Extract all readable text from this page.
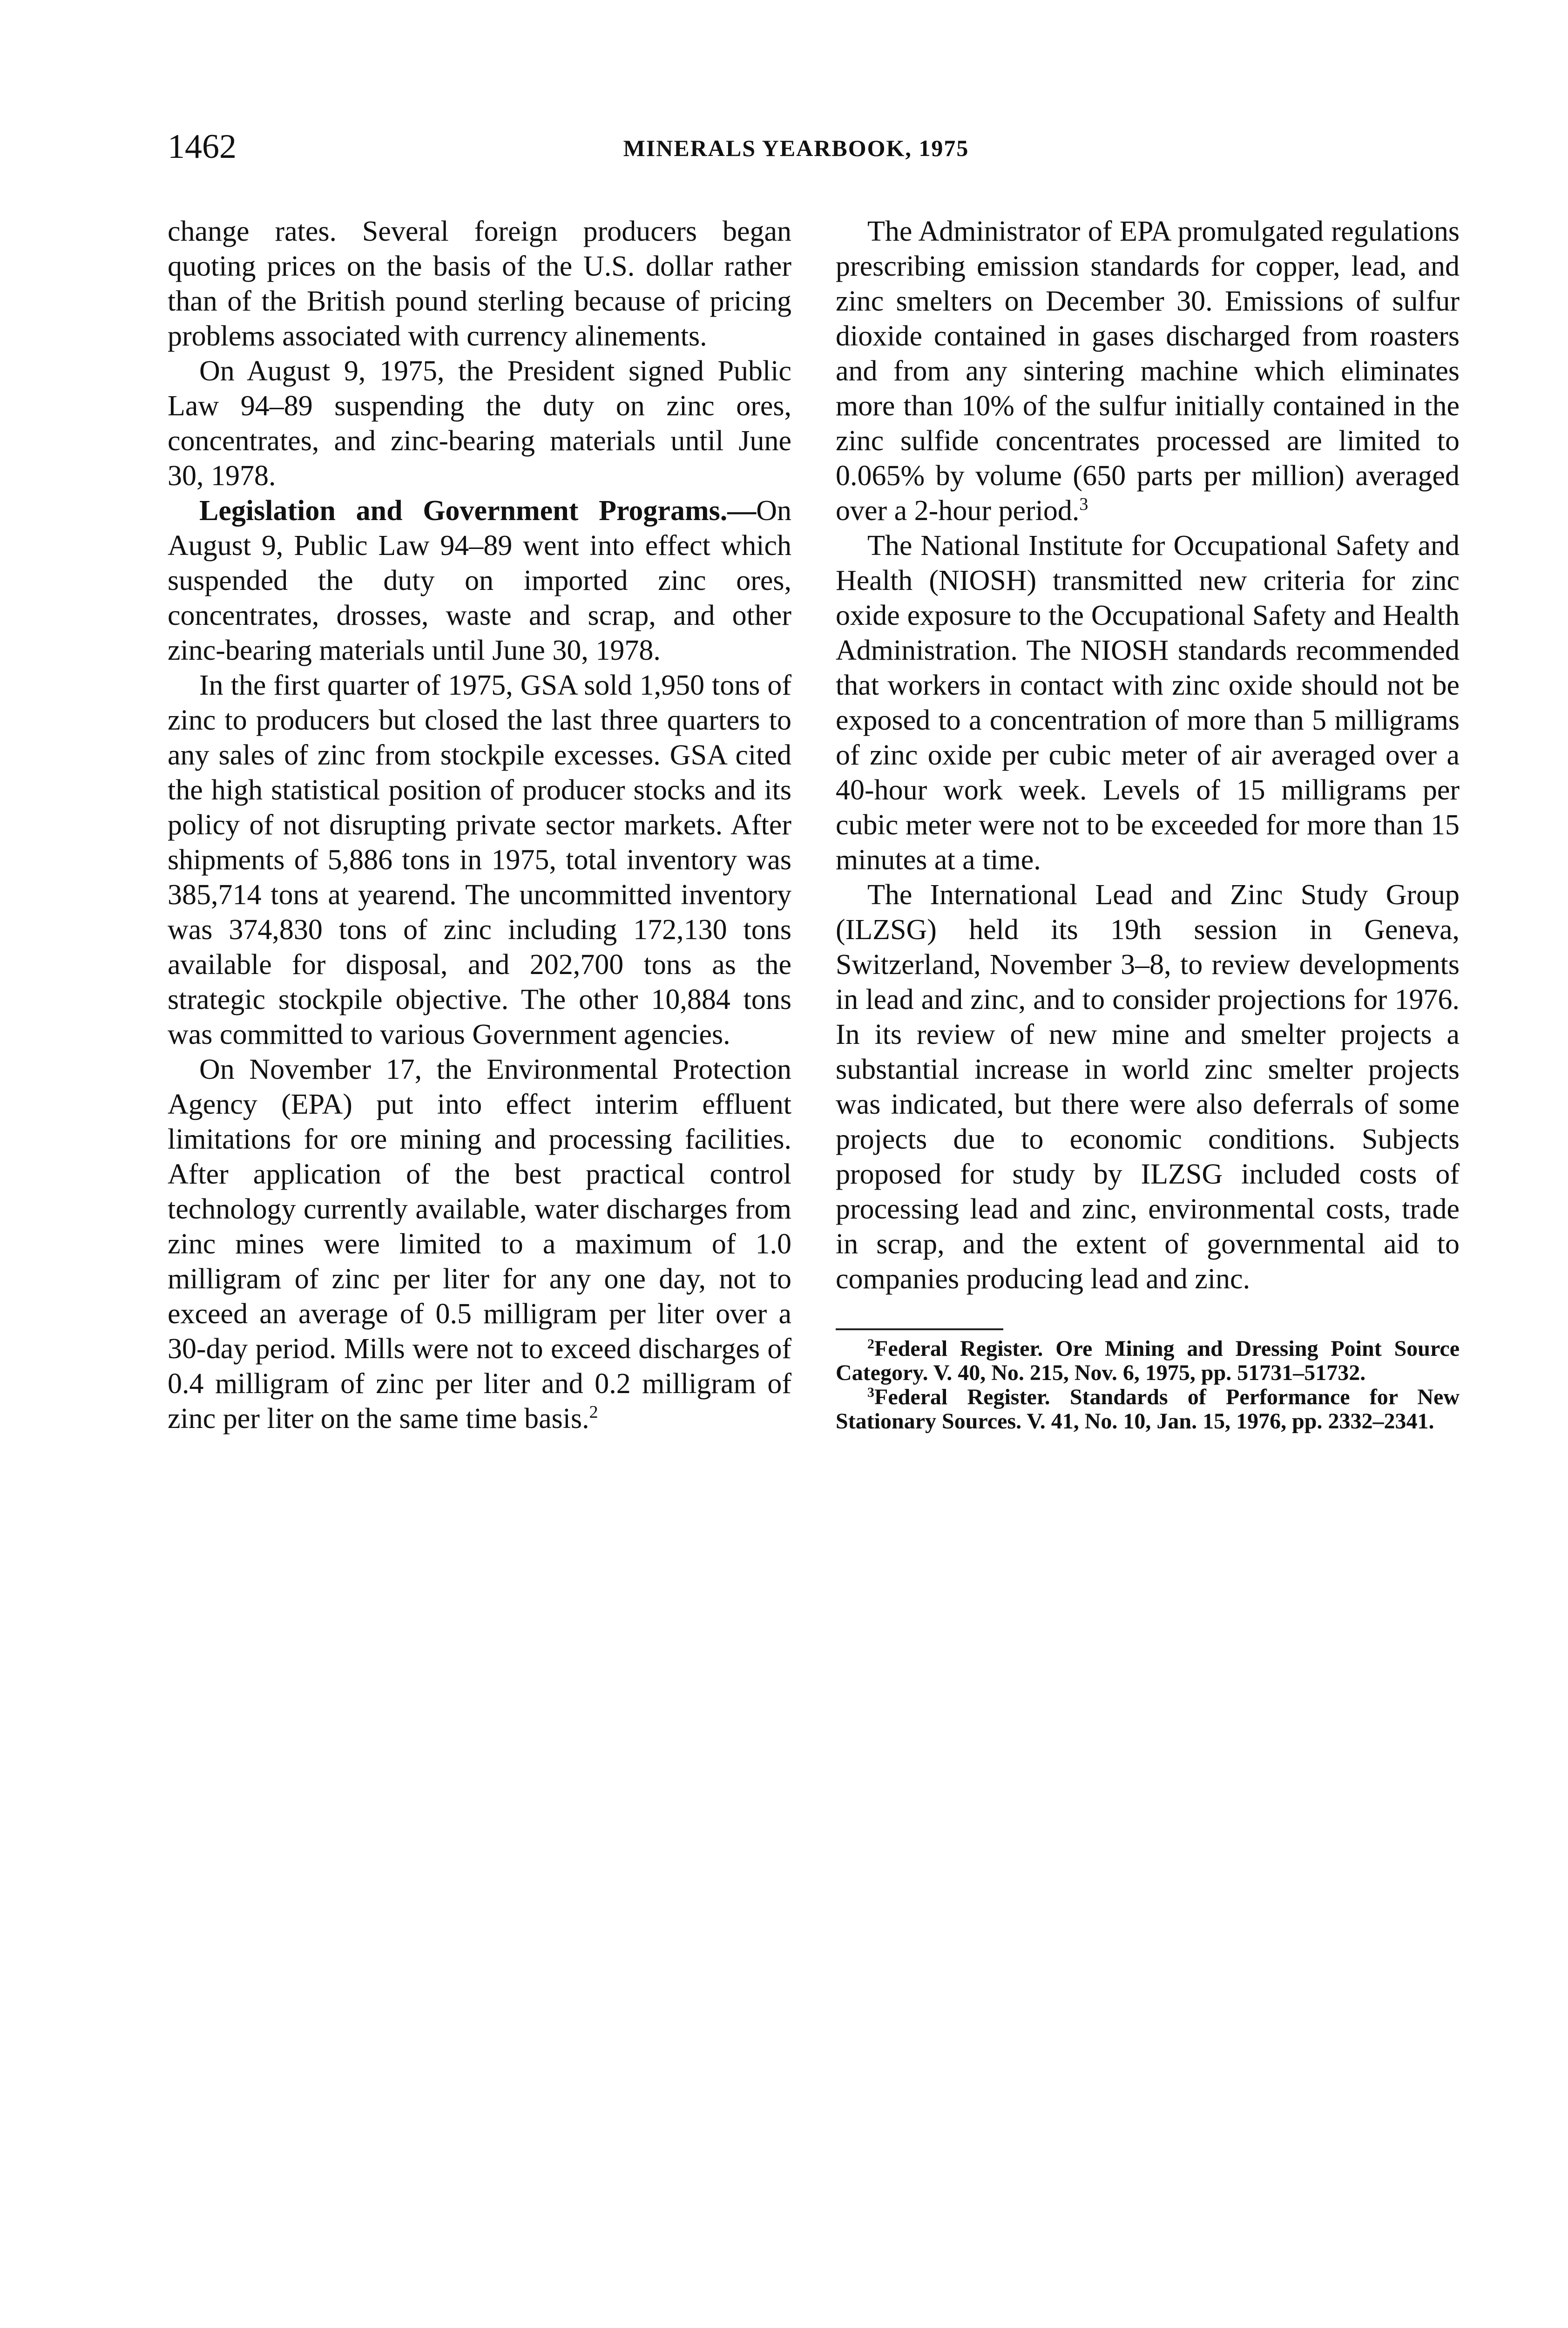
1462	MINERALS YEARBOOK, 1975

change rates. Several foreign producers began quoting prices on the basis of the U.S. dollar rather than of the British pound sterling because of pricing problems associated with currency alinements.

On August 9, 1975, the President signed Public Law 94–89 suspending the duty on zinc ores, concentrates, and zinc-bearing materials until June 30, 1978.

Legislation and Government Programs.—On August 9, Public Law 94–89 went into effect which suspended the duty on imported zinc ores, concentrates, drosses, waste and scrap, and other zinc-bearing materials until June 30, 1978.

In the first quarter of 1975, GSA sold 1,950 tons of zinc to producers but closed the last three quarters to any sales of zinc from stockpile excesses. GSA cited the high statistical position of producer stocks and its policy of not disrupting private sector markets. After shipments of 5,886 tons in 1975, total inventory was 385,714 tons at yearend. The uncommitted inventory was 374,830 tons of zinc including 172,130 tons available for disposal, and 202,700 tons as the strategic stockpile objective. The other 10,884 tons was committed to various Government agencies.

On November 17, the Environmental Protection Agency (EPA) put into effect interim effluent limitations for ore mining and processing facilities. After application of the best practical control technology currently available, water discharges from zinc mines were limited to a maximum of 1.0 milligram of zinc per liter for any one day, not to exceed an average of 0.5 milligram per liter over a 30-day period. Mills were not to exceed discharges of 0.4 milligram of zinc per liter and 0.2 milligram of zinc per liter on the same time basis.$^2$

The Administrator of EPA promulgated regulations prescribing emission standards for copper, lead, and zinc smelters on December 30. Emissions of sulfur dioxide contained in gases discharged from roasters and from any sintering machine which eliminates more than 10% of the sulfur initially contained in the zinc sulfide concentrates processed are limited to 0.065% by volume (650 parts per million) averaged over a 2-hour period.$^3$

The National Institute for Occupational Safety and Health (NIOSH) transmitted new criteria for zinc oxide exposure to the Occupational Safety and Health Administration. The NIOSH standards recommended that workers in contact with zinc oxide should not be exposed to a concentration of more than 5 milligrams of zinc oxide per cubic meter of air averaged over a 40-hour work week. Levels of 15 milligrams per cubic meter were not to be exceeded for more than 15 minutes at a time.

The International Lead and Zinc Study Group (ILZSG) held its 19th session in Geneva, Switzerland, November 3–8, to review developments in lead and zinc, and to consider projections for 1976. In its review of new mine and smelter projects a substantial increase in world zinc smelter projects was indicated, but there were also deferrals of some projects due to economic conditions. Subjects proposed for study by ILZSG included costs of processing lead and zinc, environmental costs, trade in scrap, and the extent of governmental aid to companies producing lead and zinc.

$^2$Federal Register. Ore Mining and Dressing Point Source Category. V. 40, No. 215, Nov. 6, 1975, pp. 51731–51732.

$^3$Federal Register. Standards of Performance for New Stationary Sources. V. 41, No. 10, Jan. 15, 1976, pp. 2332–2341.
